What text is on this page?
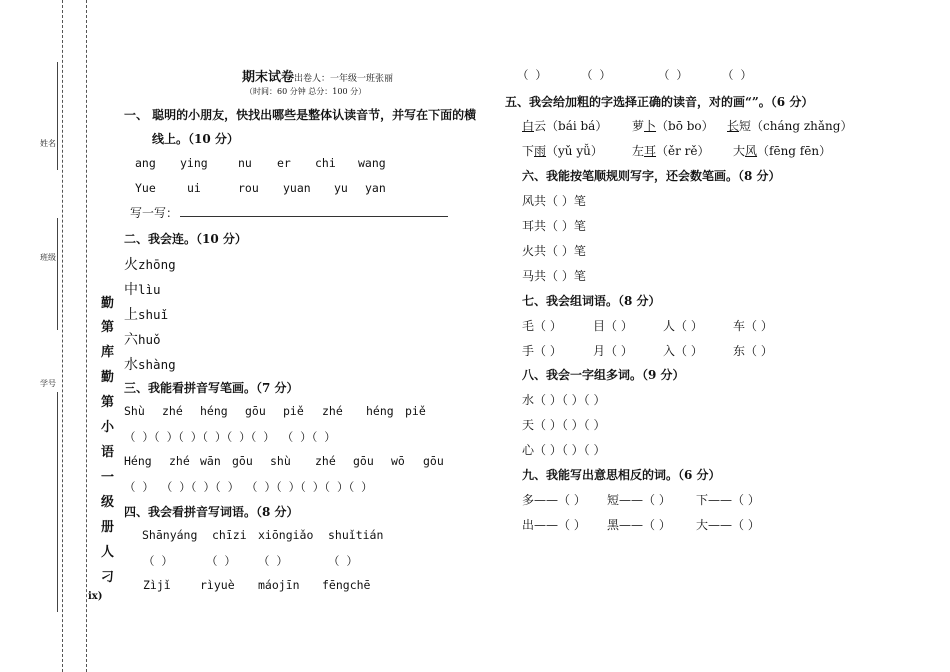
姓名
班级
学号
勤
第
库
勤
第
小
语
一
级
册
人
刁
ix)
期末试卷出卷人：一年级一班张丽
（时间：60 分钟 总分：100 分）
一、 聪明的小朋友，快找出哪些是整体认读音节，并写在下面的横
线上。（10 分）
ang ying	nu er chi wang
Yue	ui	rou yuan yu yan
写一写：
二、我会连。（10 分）
火zhōng
中lìu
上shuǐ
六huǒ
水shàng
三、我能看拼音写笔画。（7 分）
Shù zhé héng gōu piě zhé héng piě
（ ）（ ）（ ）（ ）（ ）（ ） （ ）（ ）
Héng zhé wān gōu shù zhé gōu wō gōu
（ ） （ ）（ ）（ ） （ ）（ ）（ ）（ ）（ ）
四、我会看拼音写词语。（8 分）
Shānyáng chīzi xiōngiǎo shuǐtián
（ ）	（ ） （ ）	（ ）
Zìjǐ	rìyuè máojīn fēngchē
（ ）	（ ）	（ ）	（ ）
五、我会给加粗的字选择正确的读音，对的画“”。（6 分）
白云（bái bá） 萝卜（bō bo） 长短（cháng zhǎng）
下雨（yǔ yǚ） 左耳（ěr rě） 大风（fēng fēn）
六、我能按笔顺规则写字，还会数笔画。（8 分）
风共（ ）笔
耳共（ ）笔
火共（ ）笔
马共（ ）笔
七、我会组词语。（8 分）
毛（ ）	目（ ）	人（ ）	车（ ）
手（ ）	月（ ）	入（ ）	东（ ）
八、我会一字组多词。（9 分）
水（ ）（ ）（ ）
天（ ）（ ）（ ）
心（ ）（ ）（ ）
九、我能写出意思相反的词。（6 分）
多——（ ） 短——（ ） 下——（ ）
出——（ ） 黑——（ ） 大——（ ）
